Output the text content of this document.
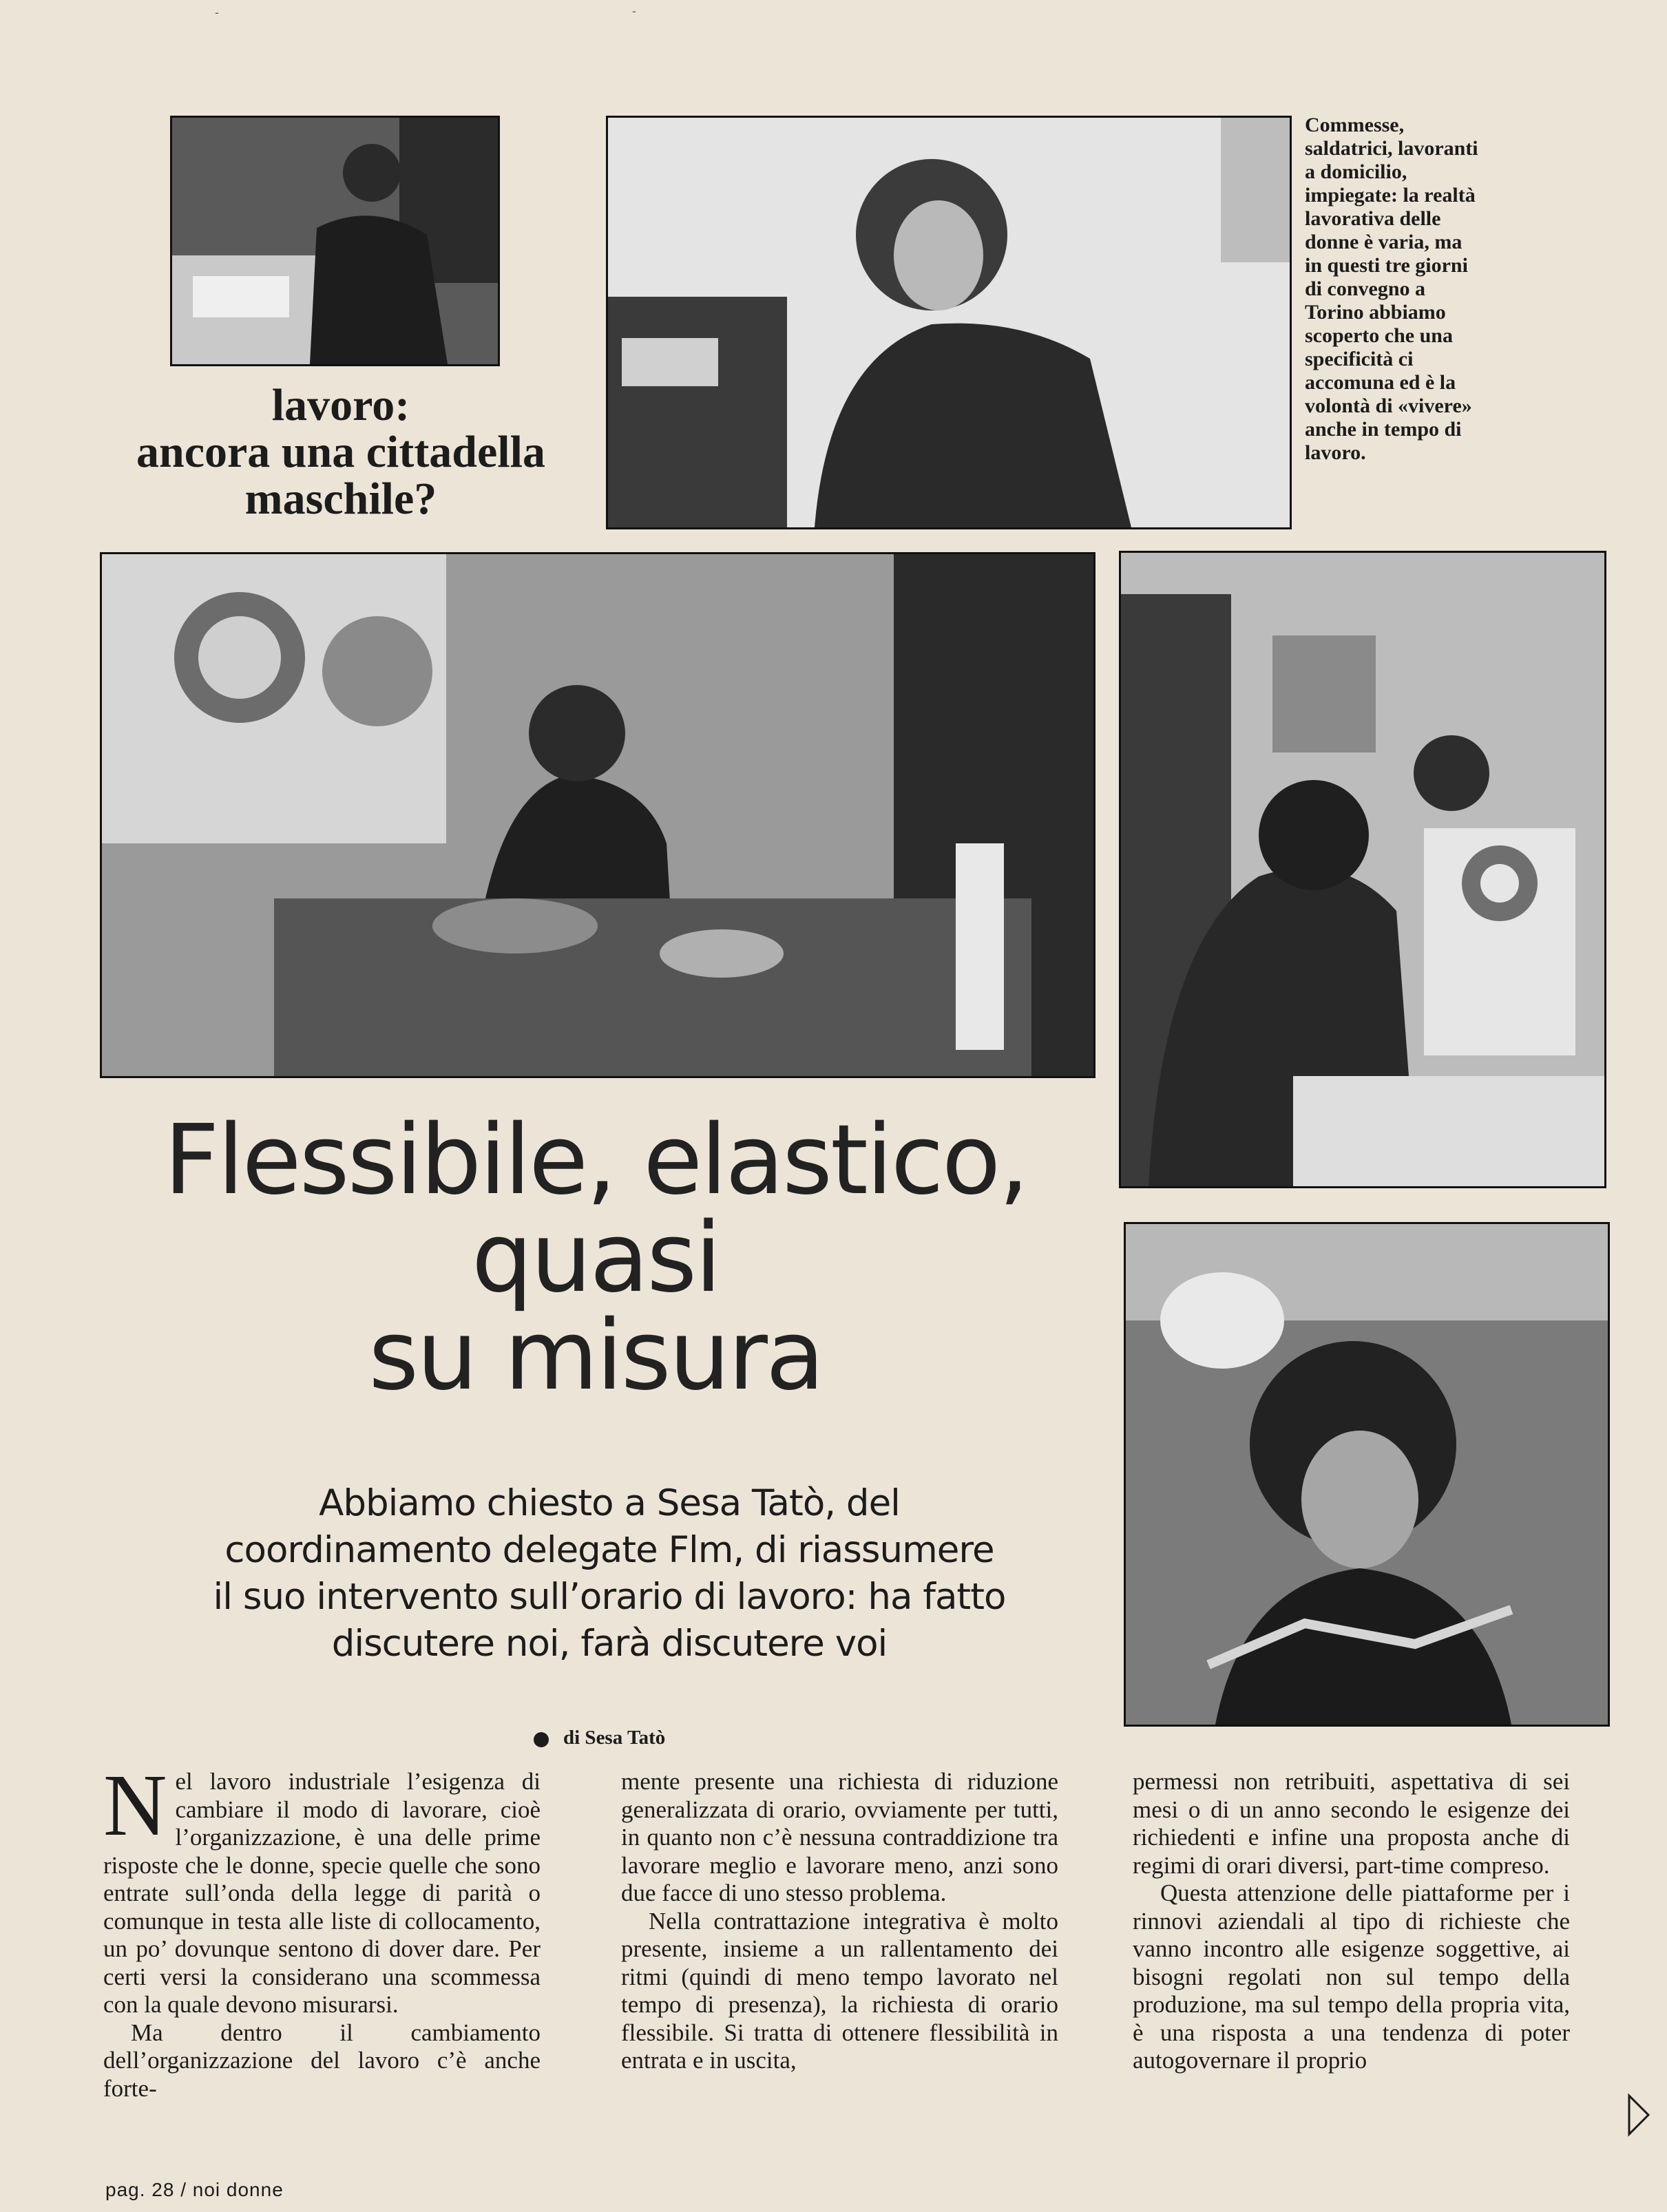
-	-
Commesse, saldatrici, lavoranti a domicilio, impiegate: la realtà lavorativa delle donne è varia, ma in questi tre giorni di convegno a Torino abbiamo scoperto che una specificità ci accomuna ed è la volontà di «vivere» anche in tempo di lavoro.
lavoro:
ancora una cittadella
maschile?
Flessibile, elastico,
quasi
su misura
Abbiamo chiesto a Sesa Tatò, del
coordinamento delegate Flm, di riassumere
il suo intervento sull’orario di lavoro: ha fatto
discutere noi, farà discutere voi
di Sesa Tatò

Nel lavoro industriale l’esigenza di cambiare il modo di lavorare, cioè l’organizzazione, è una delle prime risposte che le donne, specie quelle che sono entrate sull’onda della legge di parità o comunque in testa alle liste di collocamento, un po’ dovunque sentono di dover dare. Per certi versi la considerano una scommessa con la quale devono misurarsi.

Ma dentro il cambiamento dell’organizzazione del lavoro c’è anche forte-

mente presente una richiesta di riduzione generalizzata di orario, ovviamente per tutti, in quanto non c’è nessuna contraddizione tra lavorare meglio e lavorare meno, anzi sono due facce di uno stesso problema.

Nella contrattazione integrativa è molto presente, insieme a un rallentamento dei ritmi (quindi di meno tempo lavorato nel tempo di presenza), la richiesta di orario flessibile. Si tratta di ottenere flessibilità in entrata e in uscita,

permessi non retribuiti, aspettativa di sei mesi o di un anno secondo le esigenze dei richiedenti e infine una proposta anche di regimi di orari diversi, part-time compreso.

Questa attenzione delle piattaforme per i rinnovi aziendali al tipo di richieste che vanno incontro alle esigenze soggettive, ai bisogni regolati non sul tempo della produzione, ma sul tempo della propria vita, è una risposta a una tendenza di poter autogovernare il proprio

pag. 28 / noi donne
